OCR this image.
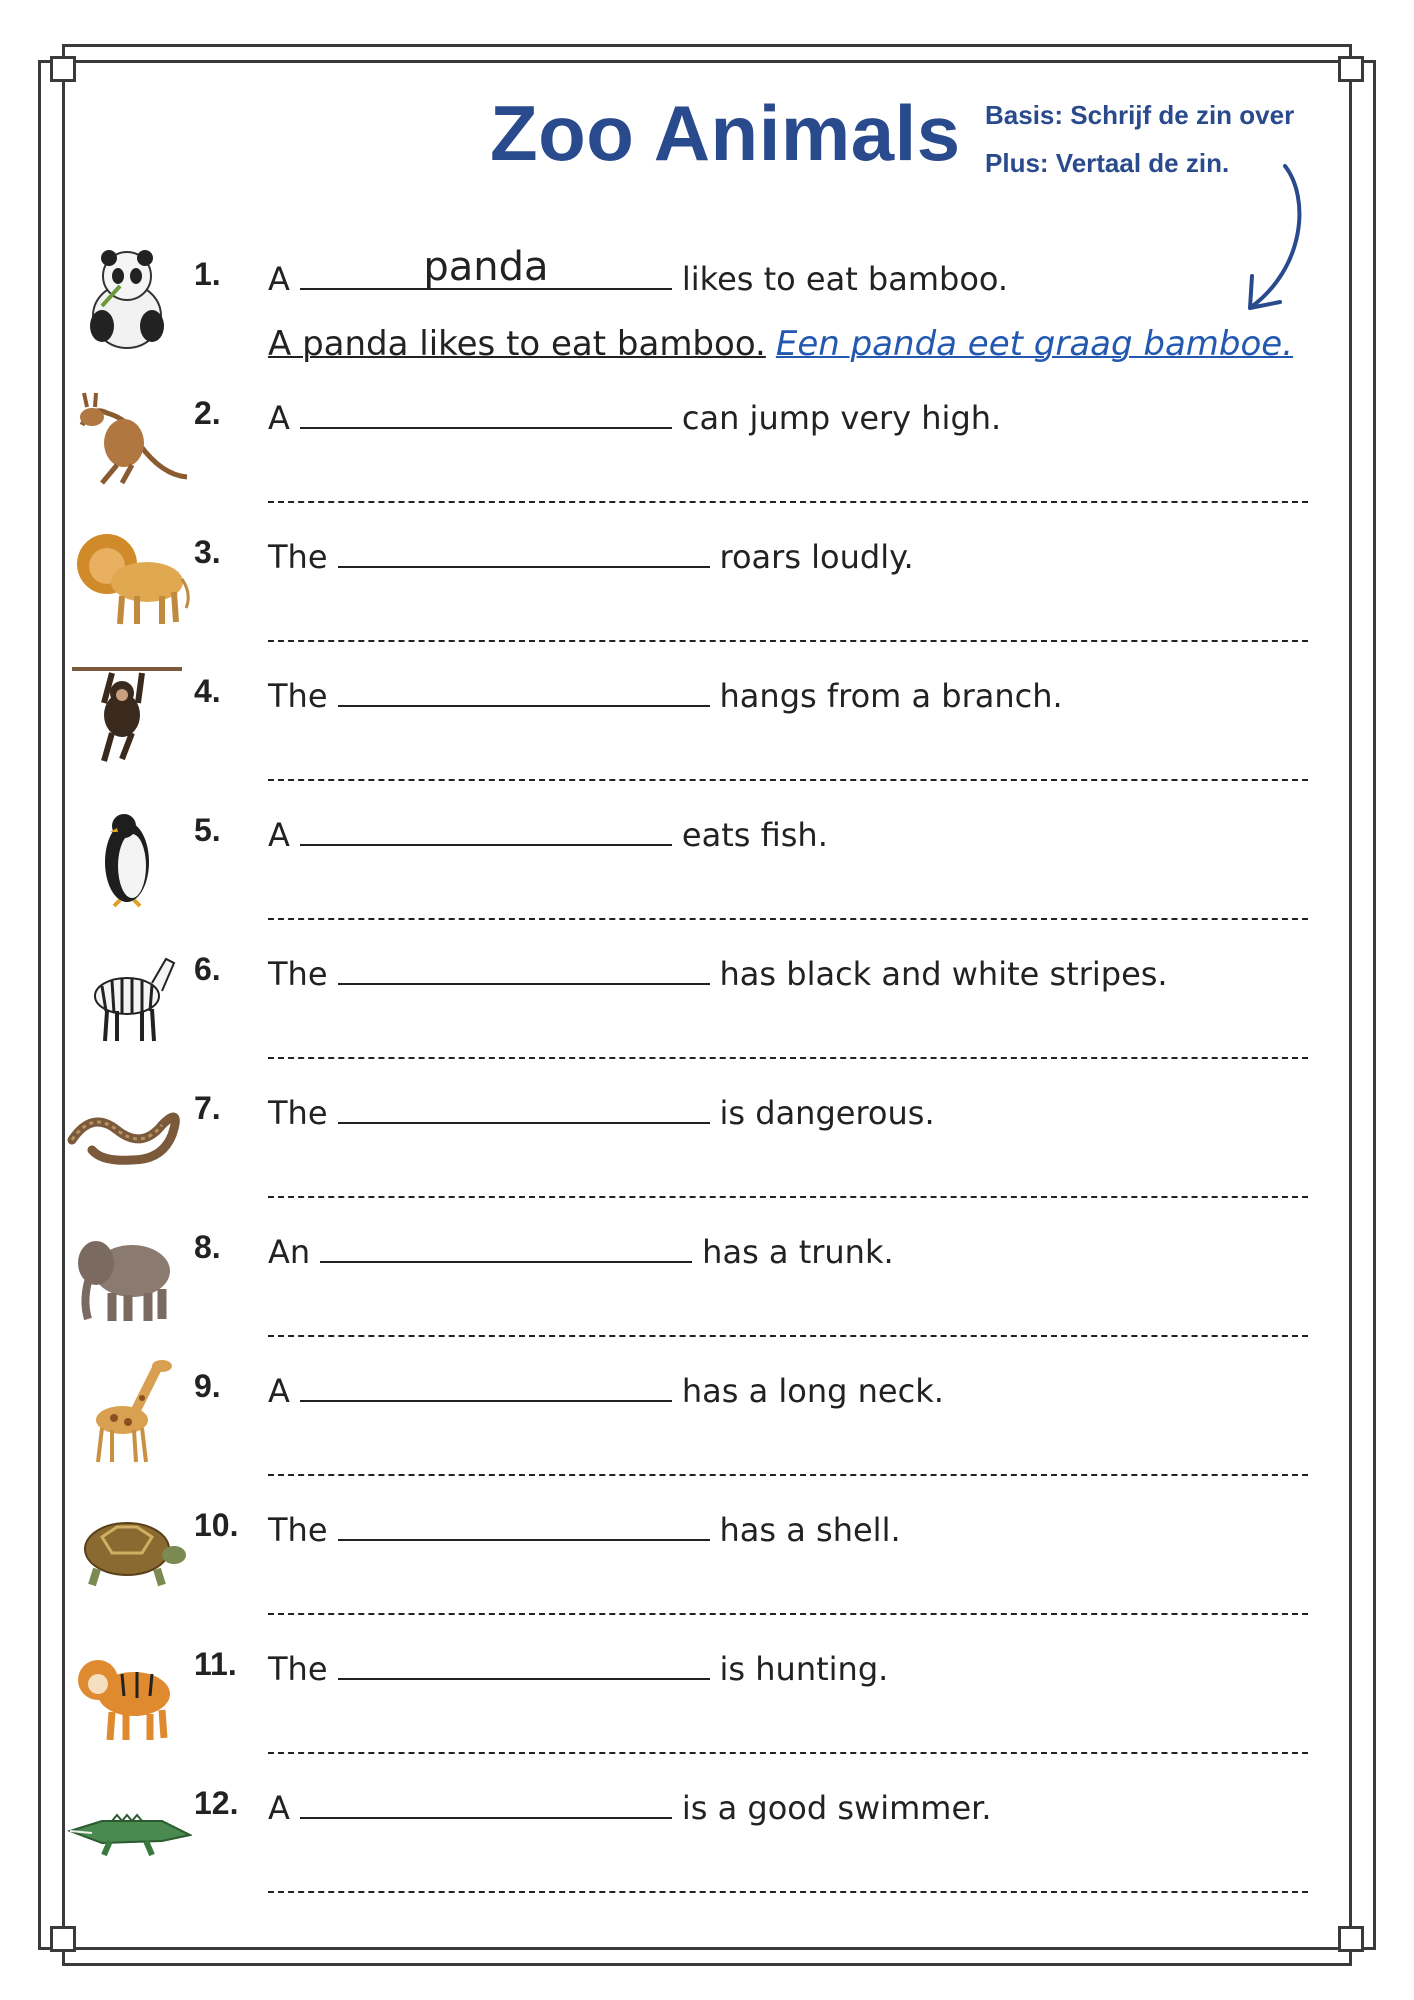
Zoo Animals Basis: Schrijf de zin over
Plus: Vertaal de zin.
1. A	panda	likes to eat bamboo.
A panda likes to eat bamboo. Een panda eet graag bamboe.
2. A	can jump very high.
3. The	roars loudly.
4. The	hangs from a branch.
5. A	eats fish.
6. The	has black and white stripes.
7. The	is dangerous.
8. An	has a trunk.
9. A	has a long neck.
10. The	has a shell.
11. The	is hunting.
12. A	is a good swimmer.
